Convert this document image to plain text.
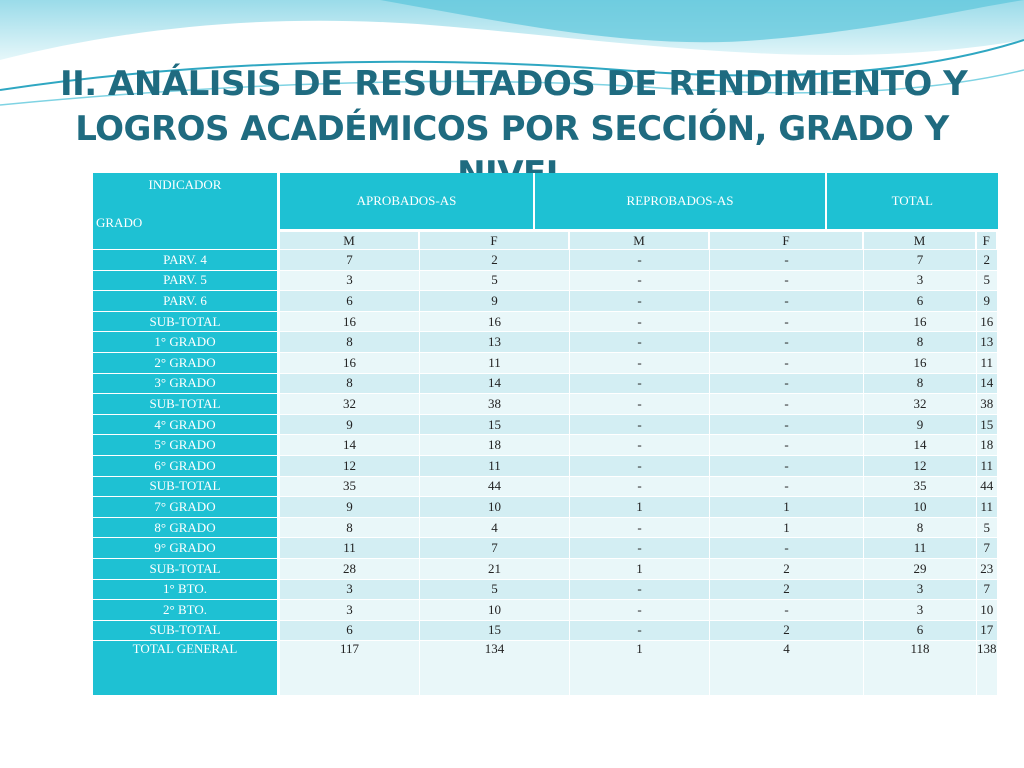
II. ANÁLISIS DE RESULTADOS DE RENDIMIENTO Y
LOGROS ACADÉMICOS POR SECCIÓN, GRADO Y
INDICADOR
GRADO	APROBADOS-AS		REPROBADOS-AS			TOTAL		
	M	F		M	F		M	F
PARV. 4	7	2		-	-		7	2
PARV. 5	3	5		-	-		3	5
PARV. 6	6	9		-	-		6	9
SUB-TOTAL	16	16		-	-		16	16
1° GRADO	8	13		-	-		8	13
2° GRADO	16	11		-	-		16	11
3° GRADO	8	14		-	-		8	14
SUB-TOTAL	32	38		-	-		32	38
4° GRADO	9	15		-	-		9	15
5° GRADO	14	18		-	-		14	18
6° GRADO	12	11		-	-		12	11
SUB-TOTAL	35	44		-	-		35	44
7° GRADO	9	10		1	1		10	11
8° GRADO	8	4		-	1		8	5
9° GRADO	11	7		-	-		11	7
SUB-TOTAL	28	21		1	2		29	23
1° BTO.	3	5		-	2		3	7
2° BTO.	3	10		-	-		3	10
SUB-TOTAL	6	15		-	2		6	17
TOTAL GENERAL	117	134		1	4		118	138
